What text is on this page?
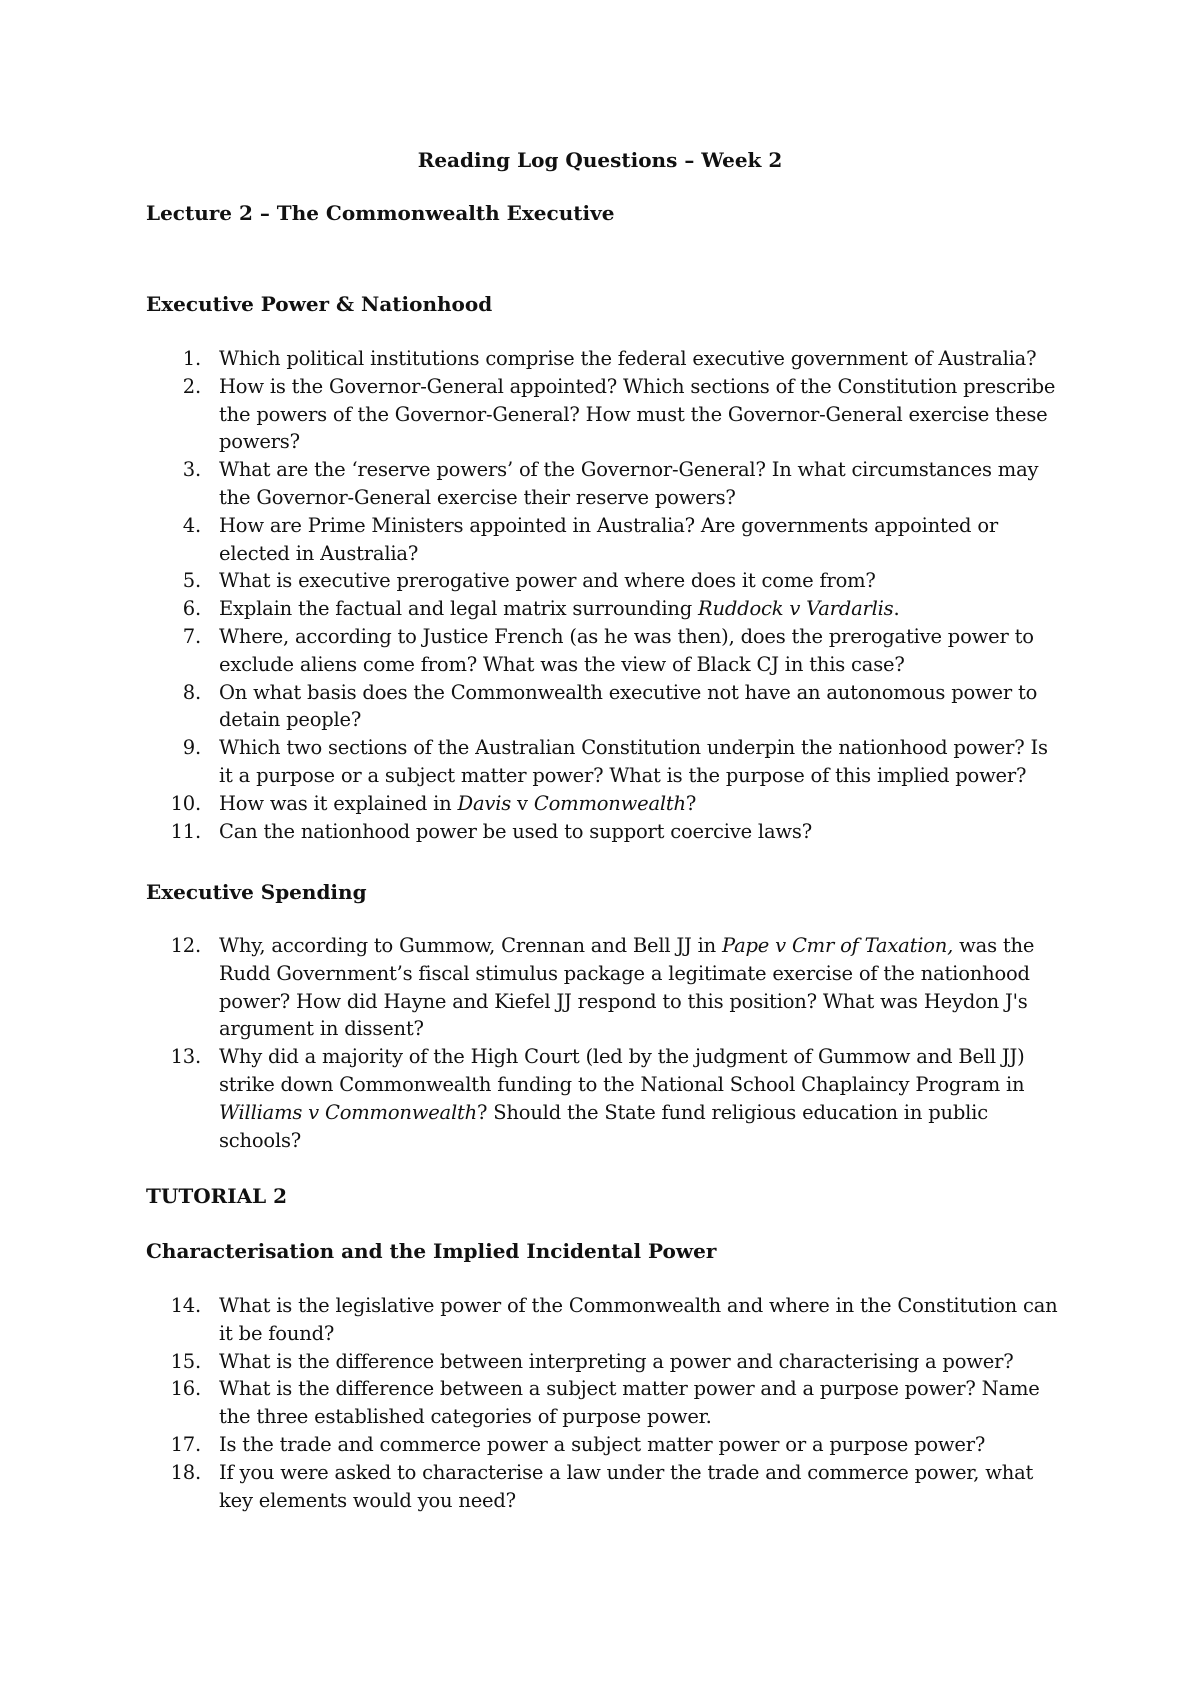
Reading Log Questions – Week 2
Lecture 2 – The Commonwealth Executive
Executive Power & Nationhood
1. Which political institutions comprise the federal executive government of Australia?
2. How is the Governor-General appointed? Which sections of the Constitution prescribe the powers of the Governor-General? How must the Governor-General exercise these powers?
3. What are the ‘reserve powers’ of the Governor-General? In what circumstances may the Governor-General exercise their reserve powers?
4. How are Prime Ministers appointed in Australia? Are governments appointed or elected in Australia?
5. What is executive prerogative power and where does it come from?
6. Explain the factual and legal matrix surrounding Ruddock v Vardarlis.
7. Where, according to Justice French (as he was then), does the prerogative power to exclude aliens come from? What was the view of Black CJ in this case?
8. On what basis does the Commonwealth executive not have an autonomous power to detain people?
9. Which two sections of the Australian Constitution underpin the nationhood power? Is it a purpose or a subject matter power? What is the purpose of this implied power?
10. How was it explained in Davis v Commonwealth?
11. Can the nationhood power be used to support coercive laws?
Executive Spending
12. Why, according to Gummow, Crennan and Bell JJ in Pape v Cmr of Taxation, was the Rudd Government’s fiscal stimulus package a legitimate exercise of the nationhood power? How did Hayne and Kiefel JJ respond to this position? What was Heydon J's argument in dissent?
13. Why did a majority of the High Court (led by the judgment of Gummow and Bell JJ) strike down Commonwealth funding to the National School Chaplaincy Program in Williams v Commonwealth? Should the State fund religious education in public schools?
TUTORIAL 2
Characterisation and the Implied Incidental Power
14. What is the legislative power of the Commonwealth and where in the Constitution can it be found?
15. What is the difference between interpreting a power and characterising a power?
16. What is the difference between a subject matter power and a purpose power? Name the three established categories of purpose power.
17. Is the trade and commerce power a subject matter power or a purpose power?
18. If you were asked to characterise a law under the trade and commerce power, what key elements would you need?
